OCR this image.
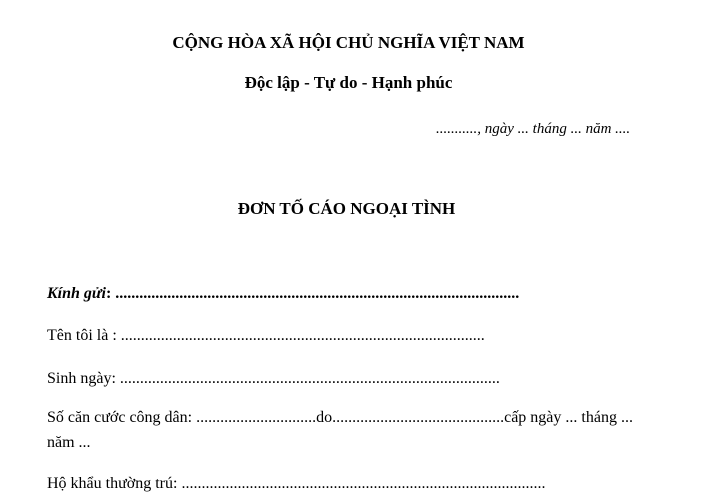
CỘNG HÒA XÃ HỘI CHỦ NGHĨA VIỆT NAM
Độc lập - Tự do - Hạnh phúc
..........., ngày ... tháng ... năm ....
ĐƠN TỐ CÁO NGOẠI TÌNH
Kính gửi: .....................................................................................................
Tên tôi là : ...........................................................................................
Sinh ngày: ...............................................................................................
Số căn cước công dân: ..............................do...........................................cấp ngày ... tháng ...
năm ...
Hộ khẩu thường trú: ...........................................................................................
